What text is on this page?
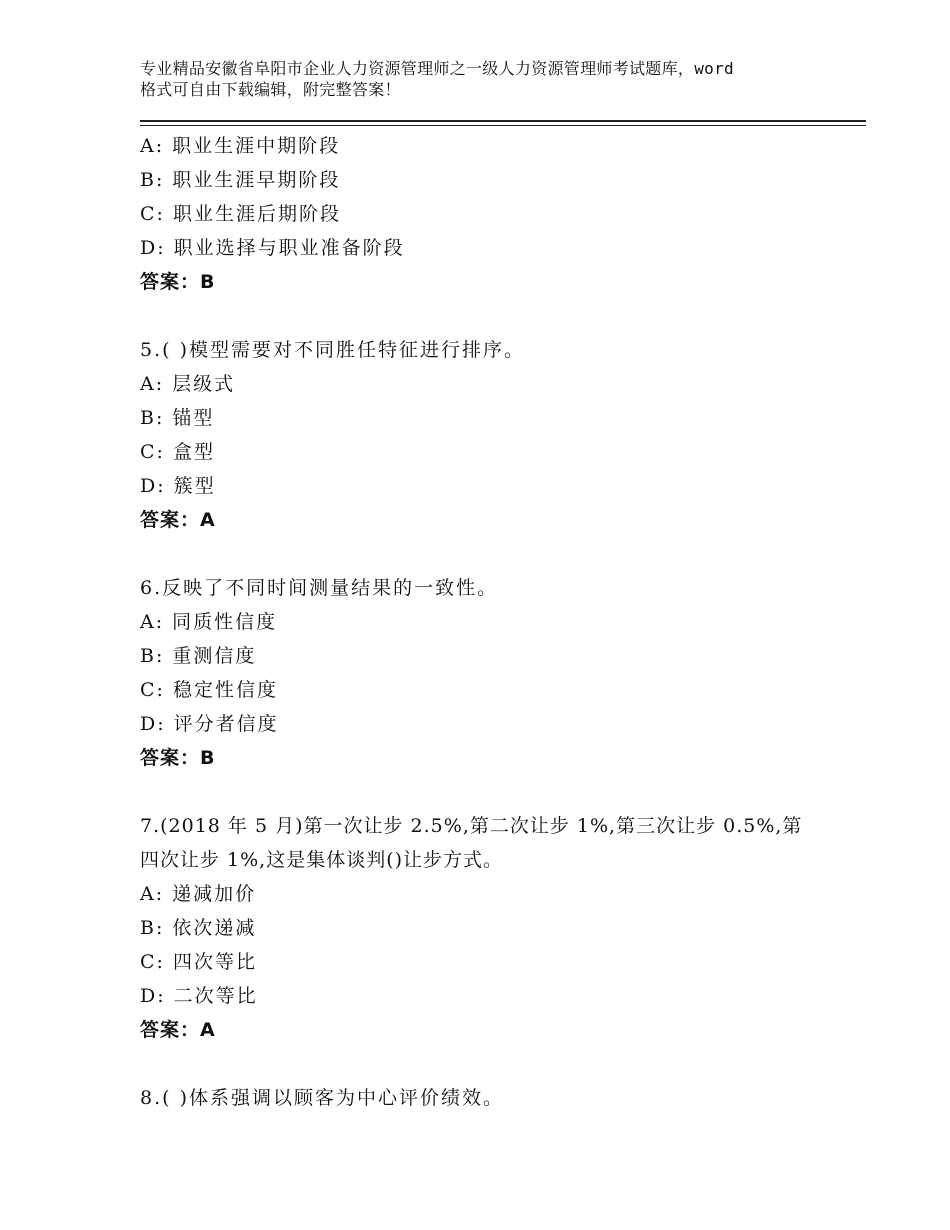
专业精品安徽省阜阳市企业人力资源管理师之一级人力资源管理师考试题库，word
格式可自由下载编辑，附完整答案！
A: 职业生涯中期阶段
B: 职业生涯早期阶段
C: 职业生涯后期阶段
D: 职业选择与职业准备阶段
答案：B
5.( )模型需要对不同胜任特征进行排序。
A: 层级式
B: 锚型
C: 盒型
D: 簇型
答案：A
6.反映了不同时间测量结果的一致性。
A: 同质性信度
B: 重测信度
C: 稳定性信度
D: 评分者信度
答案：B
7.(2018 年 5 月)第一次让步 2.5%,第二次让步 1%,第三次让步 0.5%,第
四次让步 1%,这是集体谈判()让步方式。
A: 递减加价
B: 依次递减
C: 四次等比
D: 二次等比
答案：A
8.( )体系强调以顾客为中心评价绩效。
